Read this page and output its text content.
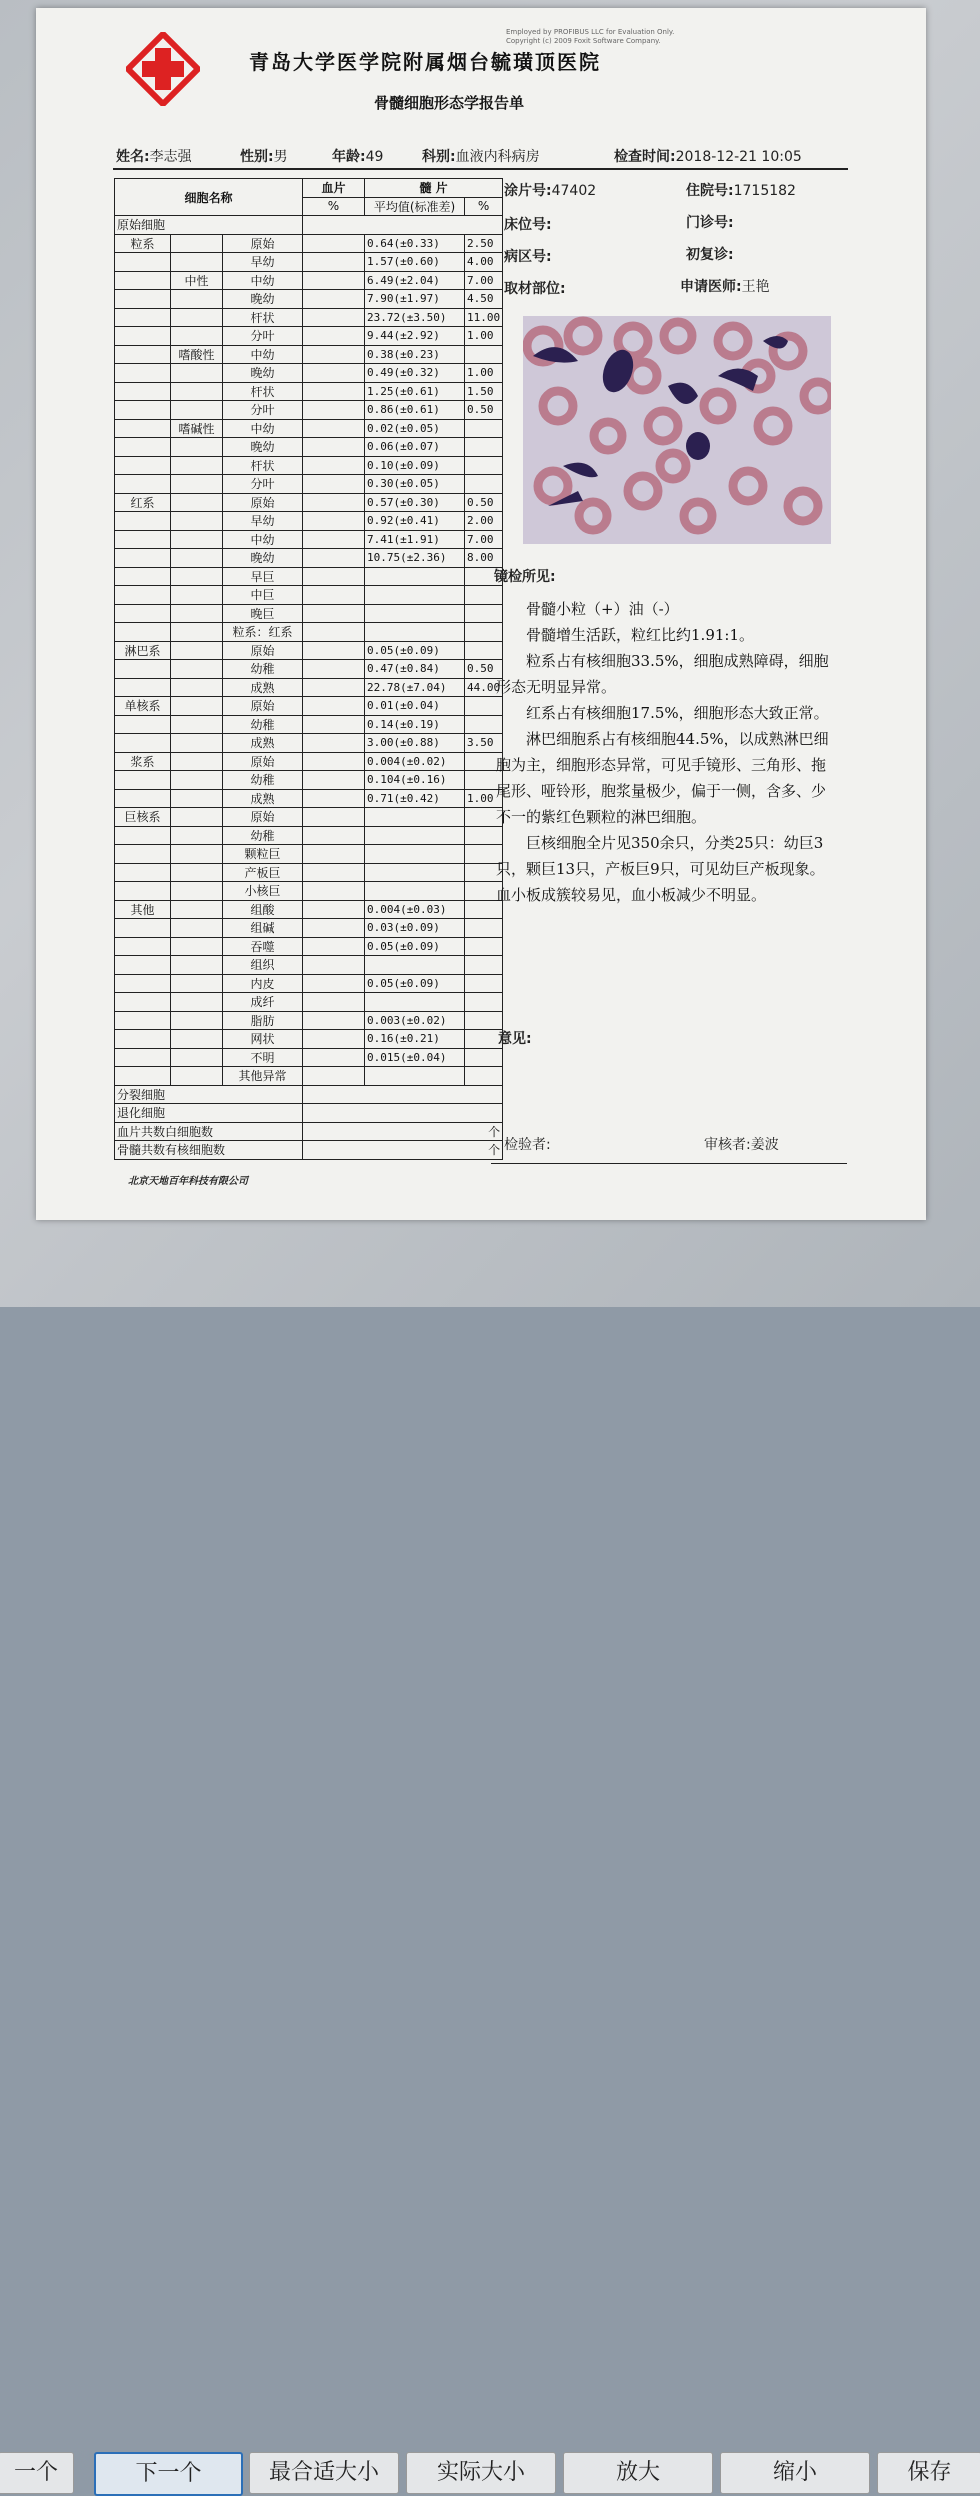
Employed by PROFIBUS LLC for Evaluation Only.
Copyright (c) 2009 Foxit Software Company.
青岛大学医学院附属烟台毓璜顶医院
骨髓细胞形态学报告单
姓名:李志强	性别:男	年龄:49	科别:血液内科病房	检查时间:2018-12-21 10:05
细胞名称			血片	髓 片	
			%	平均值(标准差)	%
原始细胞					
粒系		原始		0.64(±0.33)	2.50
		早幼		1.57(±0.60)	4.00
	中性	中幼		6.49(±2.04)	7.00
		晚幼		7.90(±1.97)	4.50
		杆状		23.72(±3.50)	11.00
		分叶		9.44(±2.92)	1.00
	嗜酸性	中幼		0.38(±0.23)	
		晚幼		0.49(±0.32)	1.00
		杆状		1.25(±0.61)	1.50
		分叶		0.86(±0.61)	0.50
	嗜碱性	中幼		0.02(±0.05)	
		晚幼		0.06(±0.07)	
		杆状		0.10(±0.09)	
		分叶		0.30(±0.05)	
红系		原始		0.57(±0.30)	0.50
		早幼		0.92(±0.41)	2.00
		中幼		7.41(±1.91)	7.00
		晚幼		10.75(±2.36)	8.00
		早巨			
		中巨			
		晚巨			
		粒系：红系			
淋巴系		原始		0.05(±0.09)	
		幼稚		0.47(±0.84)	0.50
		成熟		22.78(±7.04)	44.00
单核系		原始		0.01(±0.04)	
		幼稚		0.14(±0.19)	
		成熟		3.00(±0.88)	3.50
浆系		原始		0.004(±0.02)	
		幼稚		0.104(±0.16)	
		成熟		0.71(±0.42)	1.00
巨核系		原始			
		幼稚			
		颗粒巨			
		产板巨			
		小核巨			
其他		组酸		0.004(±0.03)	
		组碱		0.03(±0.09)	
		吞噬		0.05(±0.09)	
		组织			
		内皮		0.05(±0.09)	
		成纤			
		脂肪		0.003(±0.02)	
		网状		0.16(±0.21)	
		不明		0.015(±0.04)	
		其他异常			
分裂细胞					
退化细胞					
血片共数白细胞数			个		
骨髓共数有核细胞数			个		
涂片号:47402	住院号:1715182
床位号:	门诊号:
病区号:	初复诊:
取材部位:	申请医师:王艳
镜检所见:

骨髓小粒（+）油（-）

骨髓增生活跃，粒红比约1.91:1。

粒系占有核细胞33.5%，细胞成熟障碍，细胞形态无明显异常。

红系占有核细胞17.5%，细胞形态大致正常。

淋巴细胞系占有核细胞44.5%，以成熟淋巴细胞为主，细胞形态异常，可见手镜形、三角形、拖尾形、哑铃形，胞浆量极少，偏于一侧，含多、少不一的紫红色颗粒的淋巴细胞。

巨核细胞全片见350余只，分类25只：幼巨3只，颗巨13只，产板巨9只，可见幼巨产板现象。血小板成簇较易见，血小板减少不明显。

意见:
检验者:	审核者:姜波
北京天地百年科技有限公司
一个	下一个	最合适大小	实际大小	放大	缩小	保存
